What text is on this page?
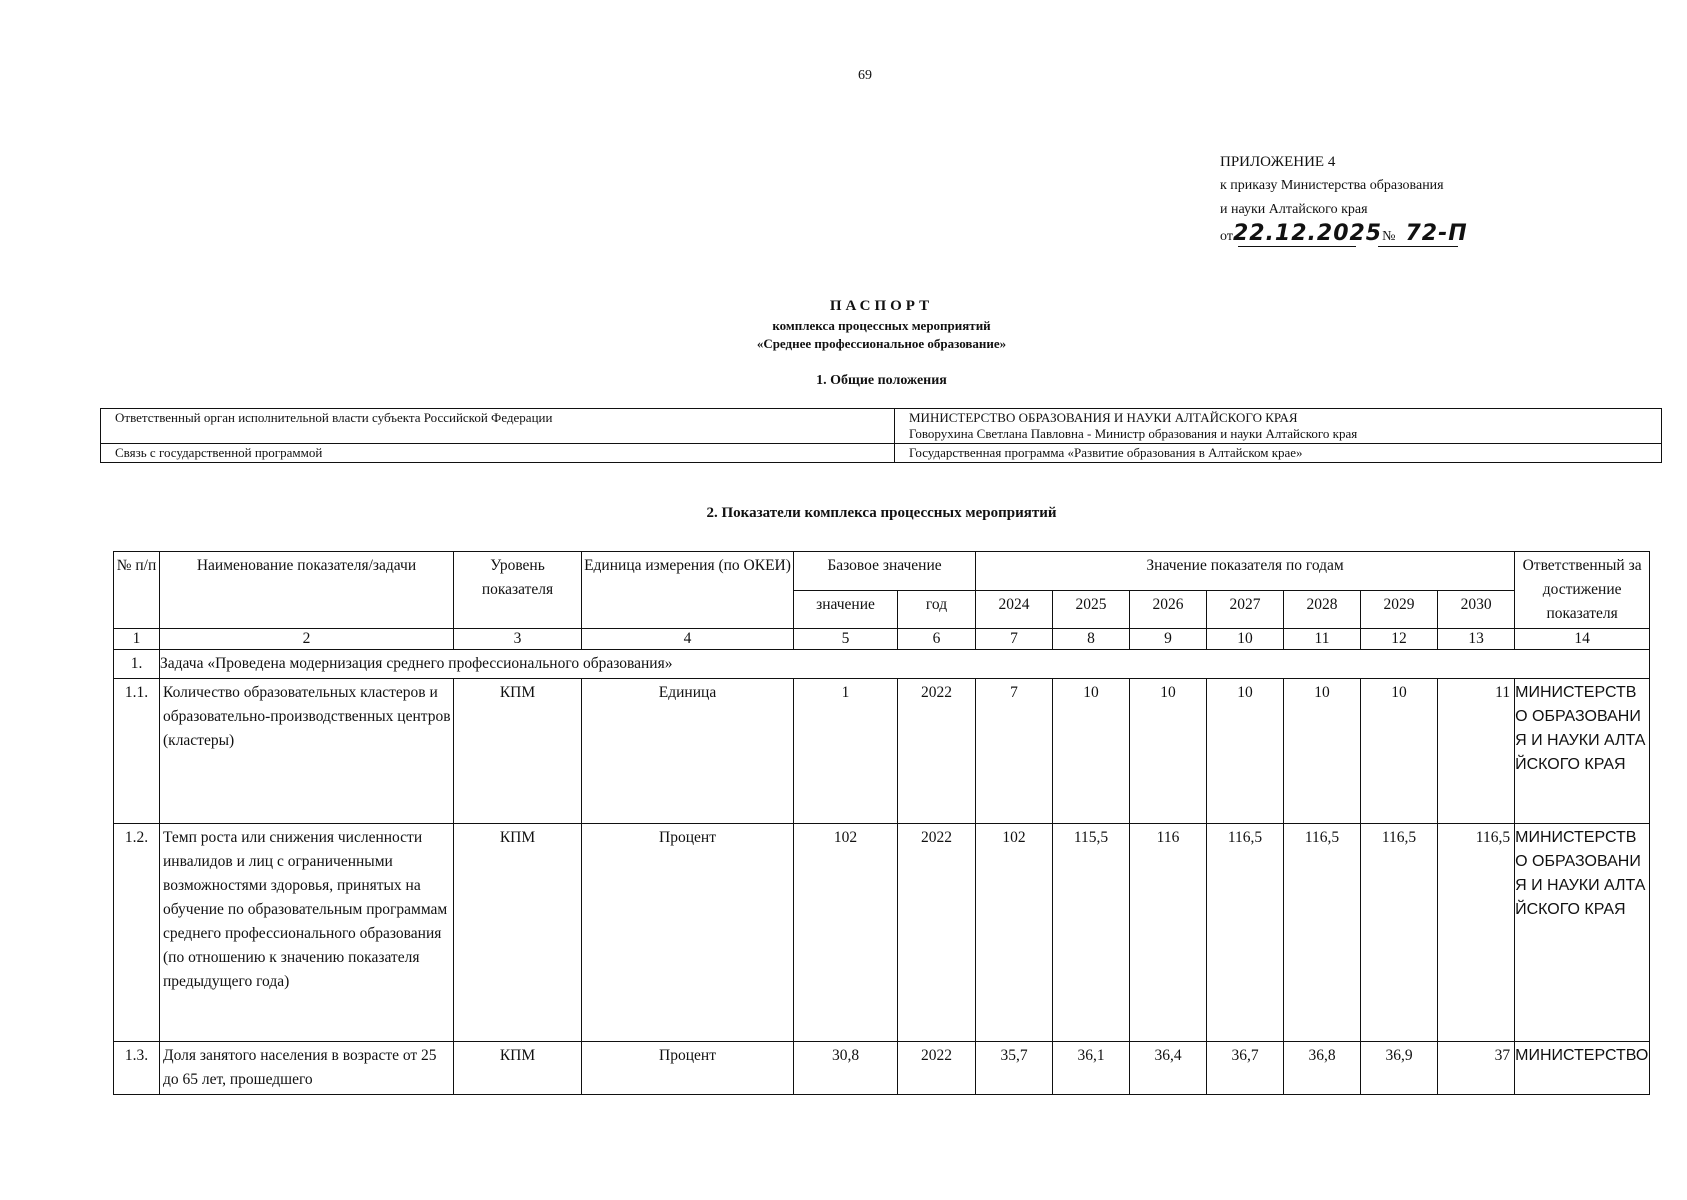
69
ПРИЛОЖЕНИЕ 4
к приказу Министерства образования
и науки Алтайского края
от22.12.2025№ 72-П
ПАСПОРТ
комплекса процессных мероприятий
«Среднее профессиональное образование»
1. Общие положения
Ответственный орган исполнительной власти субъекта Российской Федерации	МИНИСТЕРСТВО ОБРАЗОВАНИЯ И НАУКИ АЛТАЙСКОГО КРАЯ
Говорухина Светлана Павловна - Министр образования и науки Алтайского края

Связь с государственной программой	Государственная программа «Развитие образования в Алтайском крае»
2. Показатели комплекса процессных мероприятий
№ п/п	Наименование показателя/задачи	Уровень показателя	Единица измерения (по ОКЕИ)	Базовое значение		Значение показателя по годам							Ответственный за достижение показателя
				значение	год	2024	2025	2026	2027	2028	2029	2030	
1	2	3	4	5	6	7	8	9	10	11	12	13	14
1.	Задача «Проведена модернизация среднего профессионального образования»												
1.1.	Количество образовательных кластеров и образовательно-производственных центров (кластеры)	КПМ	Единица	1	2022	7	10	10	10	10	10	11	МИНИСТЕРСТВО ОБРАЗОВАНИЯ И НАУКИ АЛТАЙСКОГО КРАЯ
1.2.	Темп роста или снижения численности инвалидов и лиц с ограниченными возможностями здоровья, принятых на обучение по образовательным программам среднего профессионального образования (по отношению к значению показателя предыдущего года)	КПМ	Процент	102	2022	102	115,5	116	116,5	116,5	116,5	116,5	МИНИСТЕРСТВО ОБРАЗОВАНИЯ И НАУКИ АЛТАЙСКОГО КРАЯ
1.3.	Доля занятого населения в возрасте от 25 до 65 лет, прошедшего	КПМ	Процент	30,8	2022	35,7	36,1	36,4	36,7	36,8	36,9	37	МИНИСТЕРСТВО
